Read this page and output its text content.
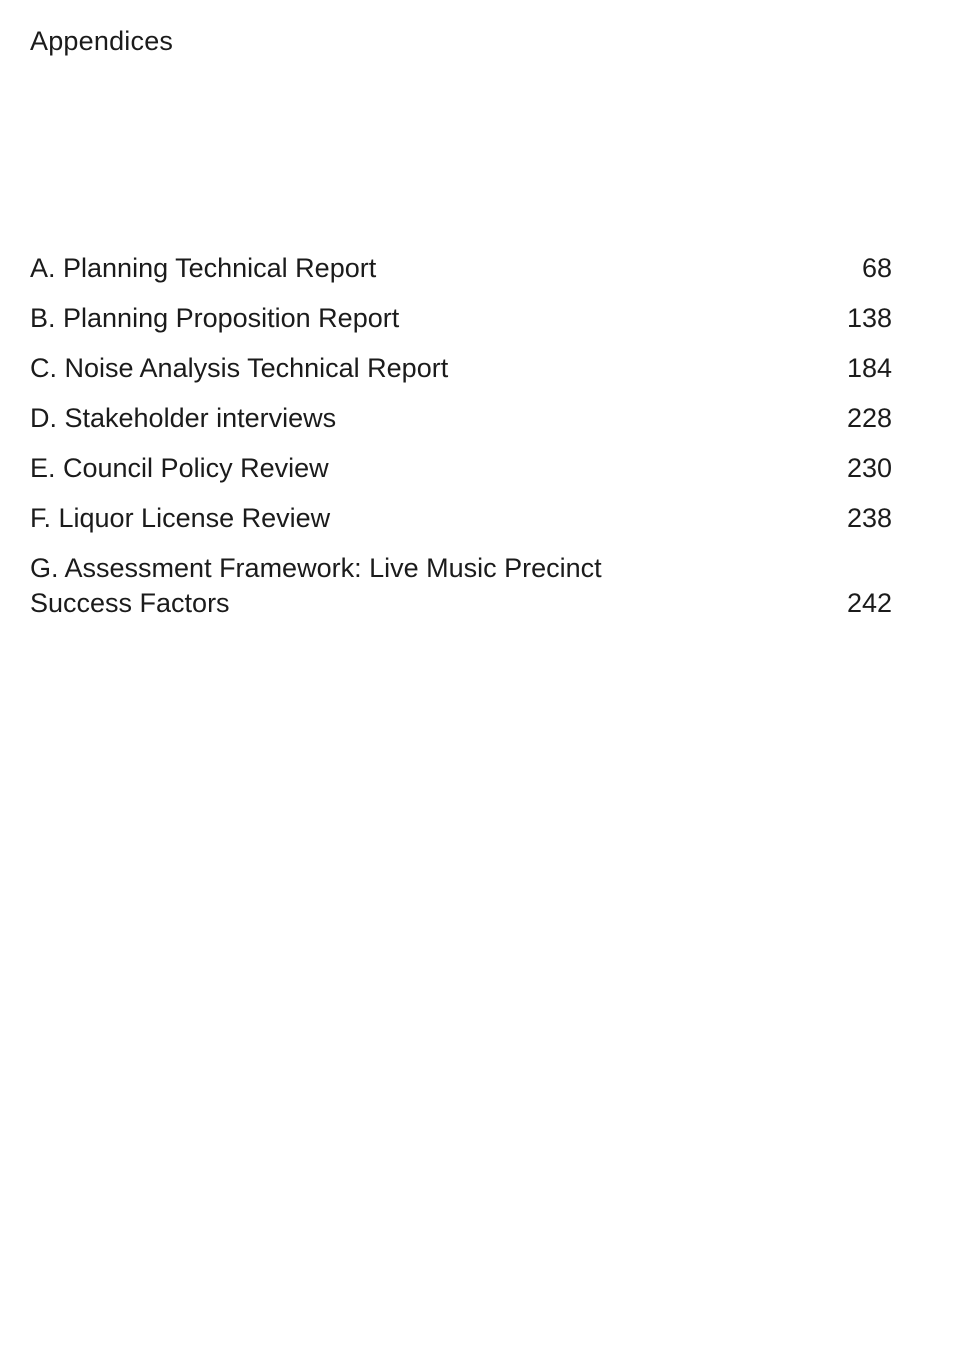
Appendices
A. Planning Technical Report	68
B. Planning Proposition Report	138
C. Noise Analysis Technical Report	184
D. Stakeholder interviews	228
E. Council Policy Review	230
F. Liquor License Review	238
G. Assessment Framework: Live Music Precinct Success Factors	242
